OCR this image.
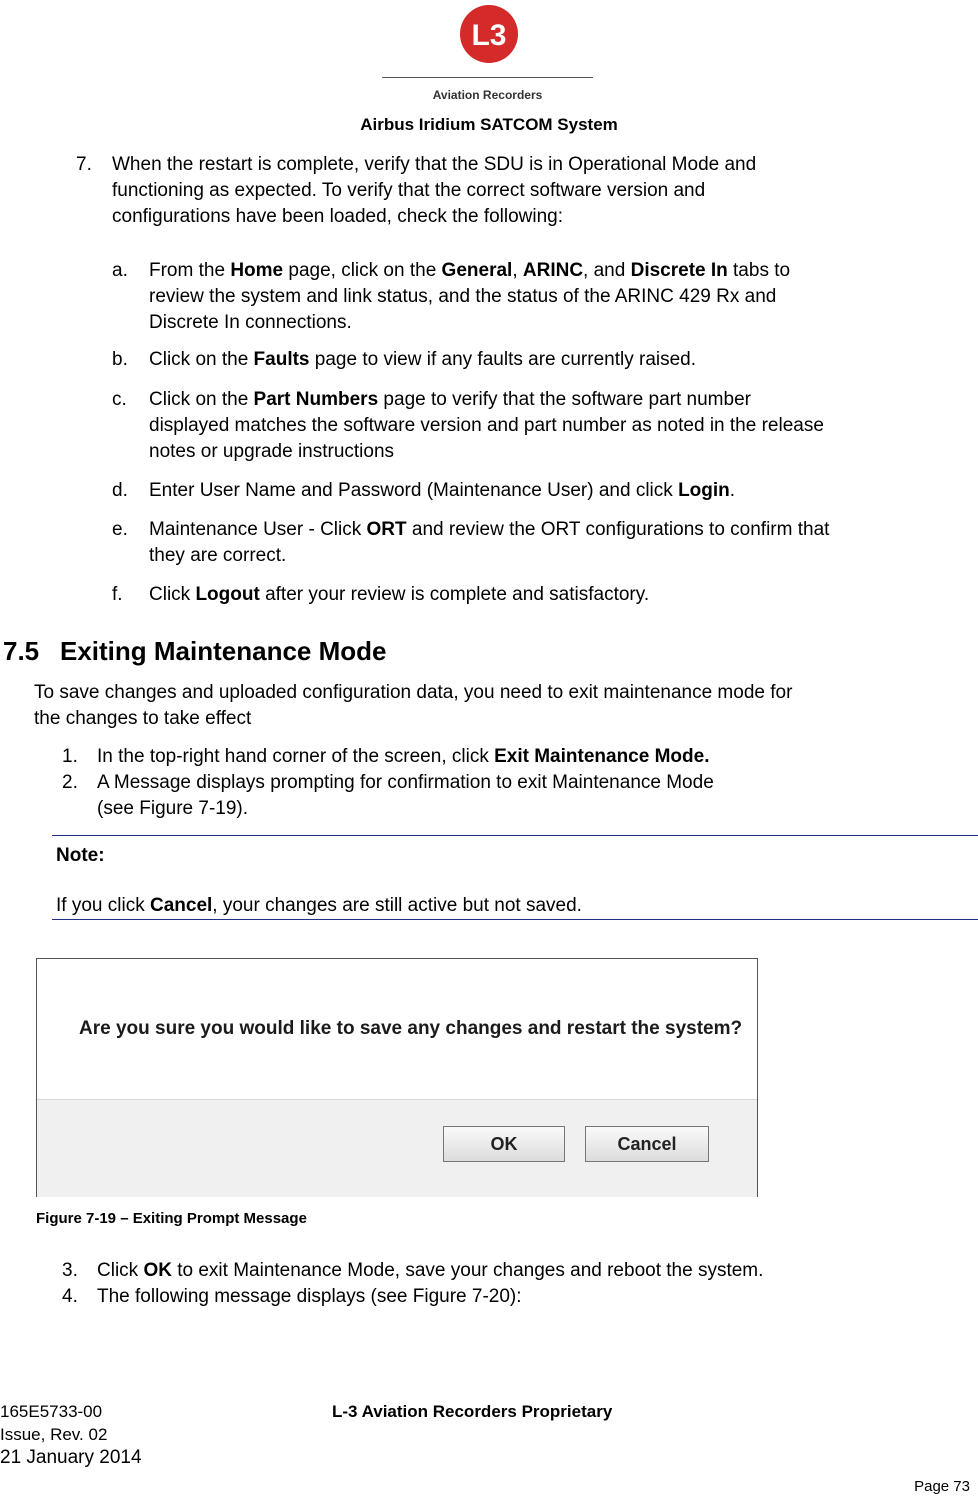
L3
Aviation Recorders
Airbus Iridium SATCOM System
7. When the restart is complete, verify that the SDU is in Operational Mode and
functioning as expected. To verify that the correct software version and
configurations have been loaded, check the following:
a. From the Home page, click on the General, ARINC, and Discrete In tabs to
review the system and link status, and the status of the ARINC 429 Rx and
Discrete In connections.
b. Click on the Faults page to view if any faults are currently raised.
c. Click on the Part Numbers page to verify that the software part number
displayed matches the software version and part number as noted in the release
notes or upgrade instructions
d. Enter User Name and Password (Maintenance User) and click Login.
e. Maintenance User - Click ORT and review the ORT configurations to confirm that
they are correct.
f. Click Logout after your review is complete and satisfactory.
7.5 Exiting Maintenance Mode
To save changes and uploaded configuration data, you need to exit maintenance mode for
the changes to take effect
1. In the top-right hand corner of the screen, click Exit Maintenance Mode.
2. A Message displays prompting for confirmation to exit Maintenance Mode
(see Figure 7-19).
Note:
If you click Cancel, your changes are still active but not saved.
Are you sure you would like to save any changes and restart the system?
OK	Cancel
Figure 7-19 – Exiting Prompt Message
3. Click OK to exit Maintenance Mode, save your changes and reboot the system.
4. The following message displays (see Figure 7-20):
165E5733-00	L-3 Aviation Recorders Proprietary
Issue, Rev. 02
21 January 2014
Page 73
